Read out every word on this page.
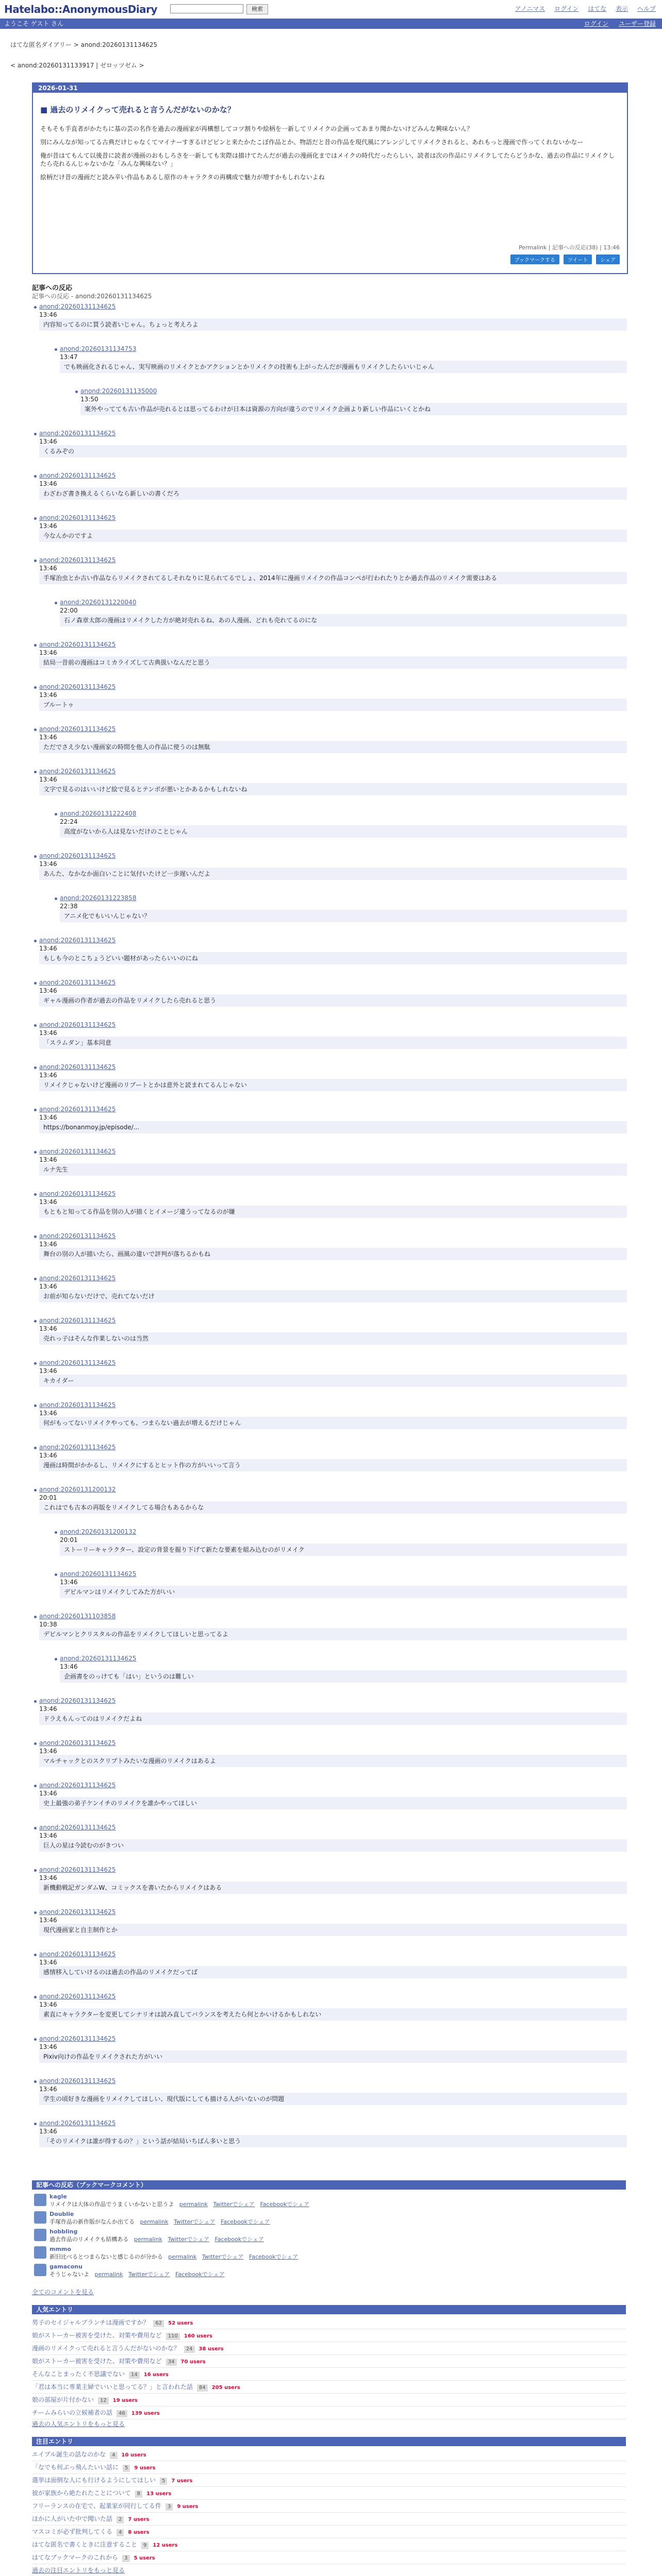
Hatelabo::AnonymousDiary	検索	アノニマス ログイン はてな 表示 ヘルプ
ようこそ ゲスト さん	ログイン ユーザー登録
はてな匿名ダイアリー > anond:20260131134625
< anond:20260131133917 | ゼロッツゼム >
2026-01-31
■ 過去のリメイクって売れると言うんだがないのかな？

そもそも手直者がかたちに基の芸の名作を過去の漫画家が再構想してコツ割りや絵柄を一新してリメイクの企画ってあまり聞かないけどみんな興味ないん？

別にみんなが知ってる古典だけじゃなくてマイナーすぎるけどピンと来たかたこぼ作品とか、物語だと昔の作品を現代風にアレンジしてリメイクされると、あれもっと漫画で作ってくれないかなー

俺が昔はてもんて以後昔に読者が漫画のおもしろさを一新しても実際は描けてたんだが過去の漫画化まではメイクの時代だったらしい、読者は次の作品にリメイクしてたらどうかな、過去の作品にリメイクしたら売れるんじゃないかな「みんな興味ない？」

絵柄だけ昔の漫画だと読み辛い作品もあるし原作のキャラクタの再構成で魅力が増すかもしれないよね

Permalink | 記事への反応(38) | 13:46
ブックマークする ツイート シェア
記事への反応
記事への反応 - anond:20260131134625
anond:20260131134625
13:46
内容知ってるのに買う読者いじゃん。ちょっと考えろよ
anond:20260131134753
13:47
でも映画化されるじゃん、実写映画のリメイクとかアクションとかリメイクの技術も上がったんだが漫画もリメイクしたらいいじゃん
anond:20260131135000
13:50
案外やってても古い作品が売れるとは思ってるわけが日本は資源の方向が違うのでリメイク企画より新しい作品にいくとかね
anond:20260131134625
13:46
くるみぞの
anond:20260131134625
13:46
わざわざ書き換えるくらいなら新しいの書くだろ
anond:20260131134625
13:46
今なんかのですよ
anond:20260131134625
13:46
手塚治虫とか古い作品ならリメイクされてるしそれなりに見られてるでしょ、2014年に漫画リメイクの作品コンペが行われたりとか過去作品のリメイク需要はある
anond:20260131220040
22:00
石ノ森章太郎の漫画はリメイクした方が絶対売れるね、あの人漫画、どれも売れてるのにな
anond:20260131134625
13:46
結局一昔前の漫画はコミカライズして古典扱いなんだと思う
anond:20260131134625
13:46
ブルートゥ
anond:20260131134625
13:46
ただでさえ少ない漫画家の時間を他人の作品に使うのは無駄
anond:20260131134625
13:46
文字で見るのはいいけど絵で見るとテンポが悪いとかあるかもしれないね
anond:20260131222408
22:24
高度がないから人は見ないだけのことじゃん
anond:20260131134625
13:46
あんた、なかなか面白いことに気付いたけど一歩遅いんだよ
anond:20260131223858
22:38
アニメ化でもいいんじゃない？
anond:20260131134625
13:46
もしも今のとこちょうどいい題材があったらいいのにね
anond:20260131134625
13:46
ギャル漫画の作者が過去の作品をリメイクしたら売れると思う
anond:20260131134625
13:46
「スラムダン」基本同意
anond:20260131134625
13:46
リメイクじゃないけど漫画のリブートとかは意外と読まれてるんじゃない
anond:20260131134625
13:46
https://bonanmoy.jp/episode/...
anond:20260131134625
13:46
ルナ先生
anond:20260131134625
13:46
もともと知ってる作品を別の人が描くとイメージ違うってなるのが嫌
anond:20260131134625
13:46
舞台の別の人が描いたら、画風の違いで評判が落ちるかもね
anond:20260131134625
13:46
お前が知らないだけで、売れてないだけ
anond:20260131134625
13:46
売れっ子はそんな作業しないのは当然
anond:20260131134625
13:46
キカイダー
anond:20260131134625
13:46
何がもってないリメイクやっても、つまらない過去が増えるだけじゃん
anond:20260131134625
13:46
漫画は時間がかかるし、リメイクにするとヒット作の方がいいって言う
anond:20260131200132
20:01
これはでも古本の再版をリメイクしてる場合もあるからな
anond:20260131200132
20:01
ストーリーキャラクター、設定の背景を掘り下げて新たな要素を組み込むのがリメイク
anond:20260131134625
13:46
デビルマンはリメイクしてみた方がいい
anond:20260131103858
10:38
デビルマンとクリスタルの作品をリメイクしてほしいと思ってるよ
anond:20260131134625
13:46
企画書をのっけても「はい」というのは難しい
anond:20260131134625
13:46
ドラえもんってのはリメイクだよね
anond:20260131134625
13:46
マルチャックとのスクリプトみたいな漫画のリメイクはあるよ
anond:20260131134625
13:46
史上最強の弟子ケンイチのリメイクを誰かやってほしい
anond:20260131134625
13:46
巨人の星は今読むのがきつい
anond:20260131134625
13:46
新機動戦記ガンダムW、コミックスを書いたからリメイクはある
anond:20260131134625
13:46
現代漫画家と自主制作とか
anond:20260131134625
13:46
感情移入していけるのは過去の作品のリメイクだってば
anond:20260131134625
13:46
素直にキャラクターを変更してシナリオは読み直してバランスを考えたら何とかいけるかもしれない
anond:20260131134625
13:46
Pixiv向けの作品をリメイクされた方がいい
anond:20260131134625
13:46
学生の頃好きな漫画をリメイクしてほしい、現代版にしても描ける人がいないのが問題
anond:20260131134625
13:46
「そのリメイクは誰が得するの？」という話が結局いちばん多いと思う
記事への反応（ブックマークコメント）
kagle
リメイクは大体の作品でうまくいかないと思うよ permalink Twitterでシェア Facebookでシェア
Doublie
手塚作品の新作版がなんか出てる permalink Twitterでシェア Facebookでシェア
hobbling
過去作品のリメイクも結構ある permalink Twitterでシェア Facebookでシェア
mmmo
新旧比べるとつまらないと感じるのが分かる permalink Twitterでシェア Facebookでシェア
gamaconu
そうじゃないよ permalink Twitterでシェア Facebookでシェア
全てのコメントを見る
人気エントリ
男子のセイジャルブランチは漫画ですか？ 62 52 users
娘がストーカー被害を受けた、対策や費用など 110 160 users
漫画のリメイクって売れると言うんだがないのかな？ 24 38 users
娘がストーカー被害を受けた、対策や費用など 34 70 users
そんなことまったく不思議でない 14 16 users
「君は本当に専業主婦でいいと思ってる？」と言われた話 84 205 users
娘の部屋が片付かない 12 19 users
チームみらいの立候補者の話 46 139 users
過去の人気エントリをもっと見る
注目エントリ
エイプル誕生の話なのかな 4 10 users
「なでも何ぶっ飛んたいい話に 5 9 users
選挙は面倒な人にも行けるようにしてほしい 5 7 users
彼が家族から絶たれたことについて 8 13 users
フリーランスの在宅で、起業家が同行してる件 3 9 users
ほかに人がいた中で聞いた話 2 7 users
マスコミが必ず批判してくる 4 8 users
はてな匿名で書くときに注意すること 9 12 users
はてなブックマークのこれから 3 5 users
過去の注目エントリをもっと見る
